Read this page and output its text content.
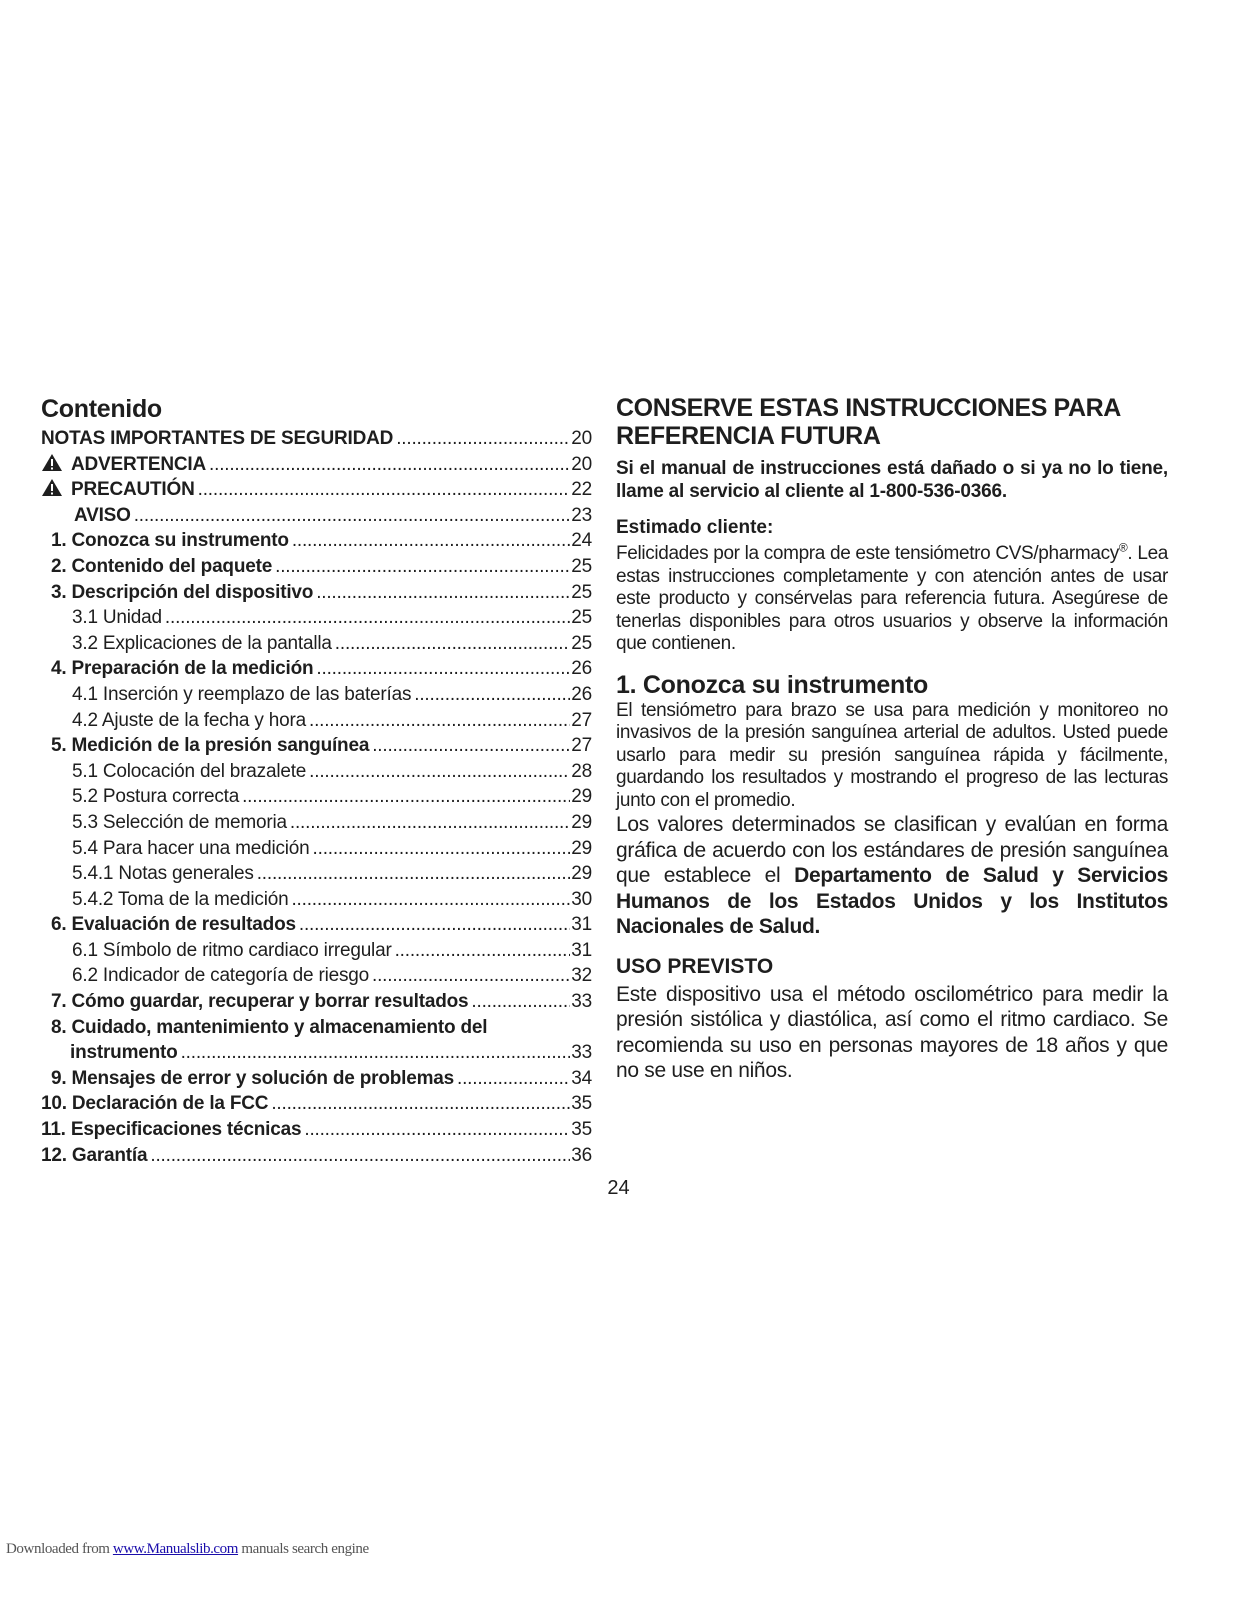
Contenido
NOTAS IMPORTANTES DE SEGURIDAD .....	20
ADVERTENCIA .....	20
PRECAUTIÓN .....	22
AVISO .....	23
1. Conozca su instrumento .....	24
2. Contenido del paquete .....	25
3. Descripción del dispositivo .....	25
3.1 Unidad .....	25
3.2 Explicaciones de la pantalla .....	25
4. Preparación de la medición .....	26
4.1 Inserción y reemplazo de las baterías .....	26
4.2 Ajuste de la fecha y hora .....	27
5. Medición de la presión sanguínea .....	27
5.1 Colocación del brazalete .....	28
5.2 Postura correcta .....	29
5.3 Selección de memoria .....	29
5.4 Para hacer una medición .....	29
5.4.1 Notas generales .....	29
5.4.2 Toma de la medición .....	30
6. Evaluación de resultados .....	31
6.1 Símbolo de ritmo cardiaco irregular .....	31
6.2 Indicador de categoría de riesgo .....	32
7. Cómo guardar, recuperar y borrar resultados .....	33
8. Cuidado, mantenimiento y almacenamiento del
instrumento .....	33
9. Mensajes de error y solución de problemas .....	34
10. Declaración de la FCC .....	35
11. Especificaciones técnicas .....	35
12. Garantía .....	36
24
CONSERVE ESTAS INSTRUCCIONES PARA REFERENCIA FUTURA

Si el manual de instrucciones está dañado o si ya no lo tiene, llame al servicio al cliente al 1-800-536-0366.

Estimado cliente:

Felicidades por la compra de este tensiómetro CVS/pharmacy®. Lea estas instrucciones completamente y con atención antes de usar este producto y consérvelas para referencia futura. Asegúrese de tenerlas disponibles para otros usuarios y observe la información que contienen.

1. Conozca su instrumento

El tensiómetro para brazo se usa para medición y monitoreo no invasivos de la presión sanguínea arterial de adultos. Usted puede usarlo para medir su presión sanguínea rápida y fácilmente, guardando los resultados y mostrando el progreso de las lecturas junto con el promedio.

Los valores determinados se clasifican y evalúan en forma gráfica de acuerdo con los estándares de presión sanguínea que establece el Departamento de Salud y Servicios Humanos de los Estados Unidos y los Institutos Nacionales de Salud.

USO PREVISTO

Este dispositivo usa el método oscilométrico para medir la presión sistólica y diastólica, así como el ritmo cardiaco. Se recomienda su uso en personas mayores de 18 años y que no se use en niños.

Downloaded from www.Manualslib.com manuals search engine
